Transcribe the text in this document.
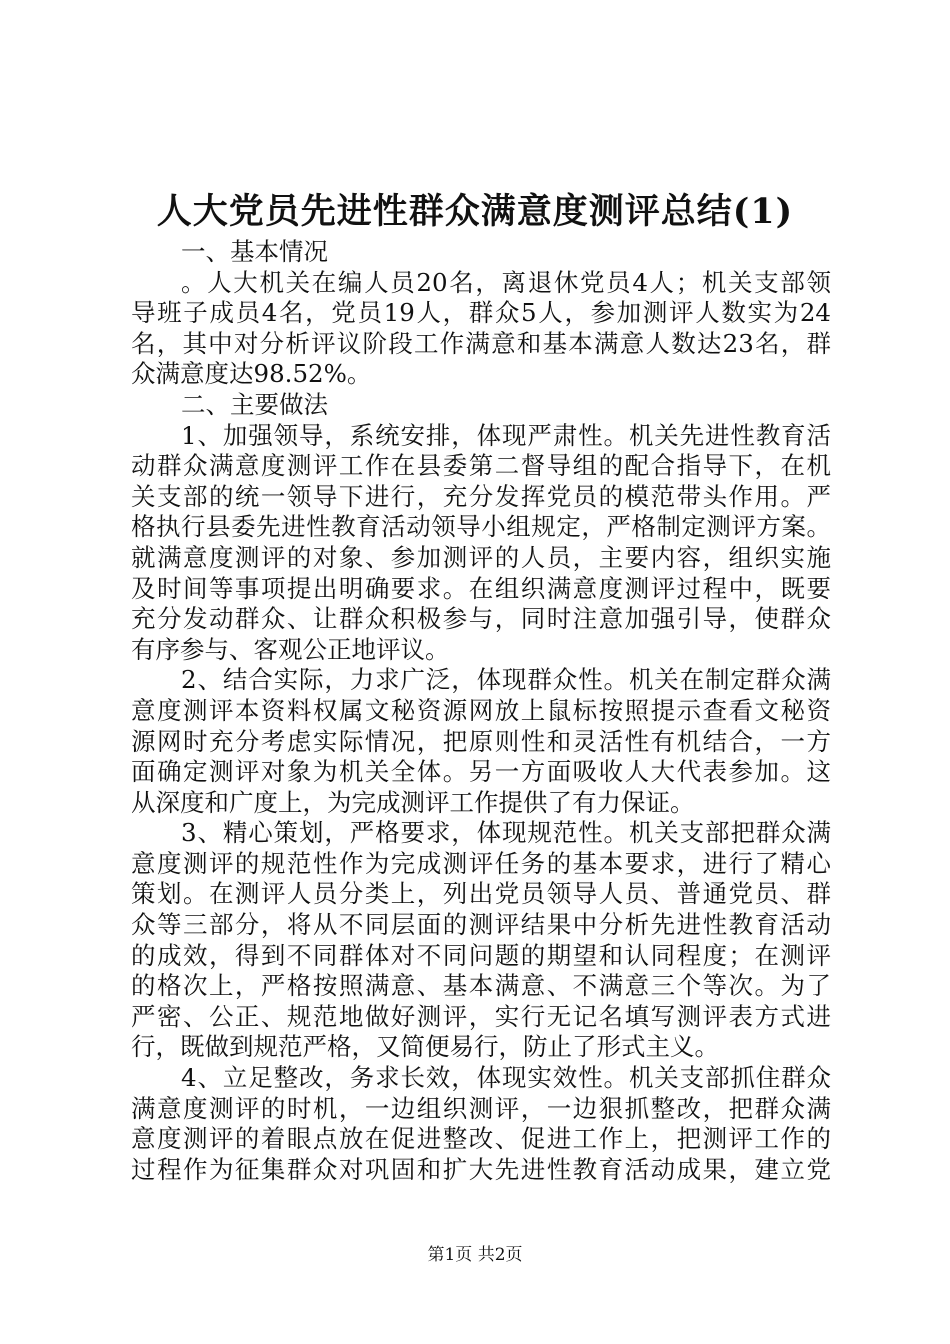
人大党员先进性群众满意度测评总结(1)
一、基本情况
。人大机关在编人员20名，离退休党员4人；机关支部领
导班子成员4名，党员19人，群众5人，参加测评人数实为24
名，其中对分析评议阶段工作满意和基本满意人数达23名，群
众满意度达98.52%。
二、主要做法
1、加强领导，系统安排，体现严肃性。机关先进性教育活
动群众满意度测评工作在县委第二督导组的配合指导下，在机
关支部的统一领导下进行，充分发挥党员的模范带头作用。严
格执行县委先进性教育活动领导小组规定，严格制定测评方案。
就满意度测评的对象、参加测评的人员，主要内容，组织实施
及时间等事项提出明确要求。在组织满意度测评过程中，既要
充分发动群众、让群众积极参与，同时注意加强引导，使群众
有序参与、客观公正地评议。
2、结合实际，力求广泛，体现群众性。机关在制定群众满
意度测评本资料权属文秘资源网放上鼠标按照提示查看文秘资
源网时充分考虑实际情况，把原则性和灵活性有机结合，一方
面确定测评对象为机关全体。另一方面吸收人大代表参加。这
从深度和广度上，为完成测评工作提供了有力保证。
3、精心策划，严格要求，体现规范性。机关支部把群众满
意度测评的规范性作为完成测评任务的基本要求，进行了精心
策划。在测评人员分类上，列出党员领导人员、普通党员、群
众等三部分，将从不同层面的测评结果中分析先进性教育活动
的成效，得到不同群体对不同问题的期望和认同程度；在测评
的格次上，严格按照满意、基本满意、不满意三个等次。为了
严密、公正、规范地做好测评，实行无记名填写测评表方式进
行，既做到规范严格，又简便易行，防止了形式主义。
4、立足整改，务求长效，体现实效性。机关支部抓住群众
满意度测评的时机，一边组织测评，一边狠抓整改，把群众满
意度测评的着眼点放在促进整改、促进工作上，把测评工作的
过程作为征集群众对巩固和扩大先进性教育活动成果，建立党
第1页 共2页
